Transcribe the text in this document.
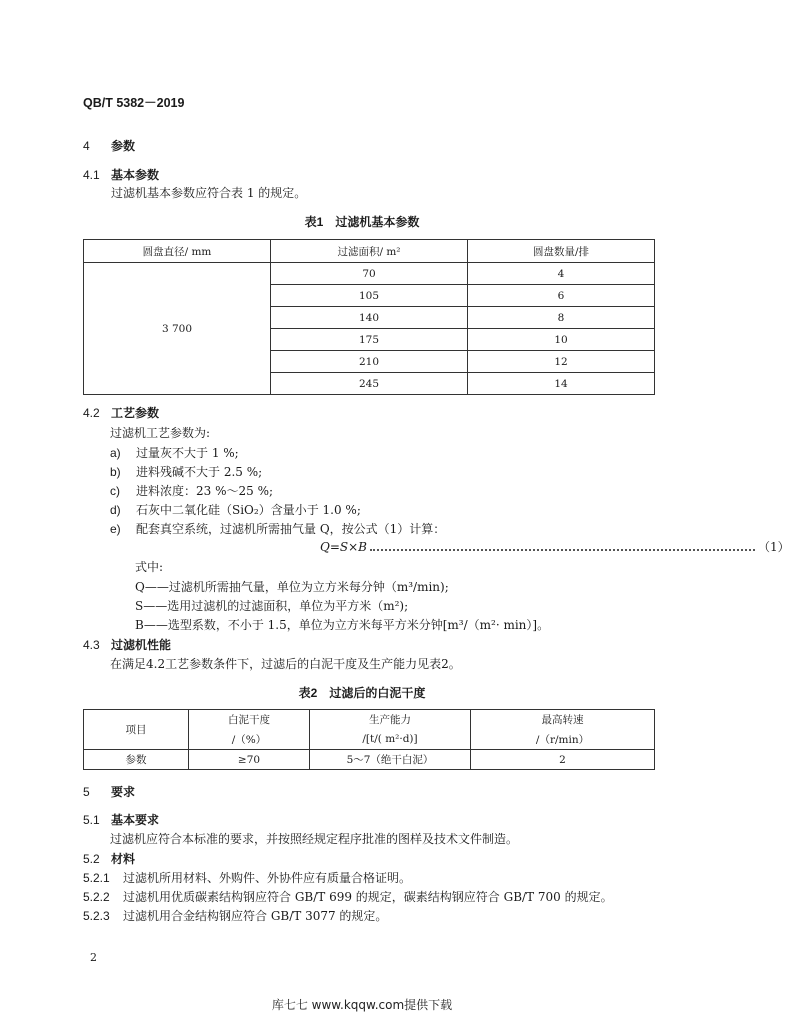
QB/T 5382－2019
4 参数
4.1 基本参数
过滤机基本参数应符合表 1 的规定。
表1　过滤机基本参数
圆盘直径/ mm	过滤面积/ m²	圆盘数量/排
3 700	70	4
	105	6
	140	8
	175	10
	210	12
	245	14
4.2 工艺参数
过滤机工艺参数为:
a) 过量灰不大于 1 %;
b) 进料残碱不大于 2.5 %;
c) 进料浓度：23 %～25 %;
d) 石灰中二氧化硅（SiO₂）含量小于 1.0 %;
e) 配套真空系统，过滤机所需抽气量 Q，按公式（1）计算：
Q=S×B	（1）
式中:
Q——过滤机所需抽气量，单位为立方米每分钟（m³/min);
S——选用过滤机的过滤面积，单位为平方米（m²);
B——选型系数，不小于 1.5，单位为立方米每平方米分钟[m³/（m²· min）]。
4.3 过滤机性能
在满足4.2工艺参数条件下，过滤后的白泥干度及生产能力见表2。
表2　过滤后的白泥干度
项目	白泥干度	生产能力	最高转速
	/（%）	/[t/( m²·d)]	/（r/min）
参数	≥70	5～7（绝干白泥）	2
5 要求
5.1 基本要求
过滤机应符合本标准的要求，并按照经规定程序批准的图样及技术文件制造。
5.2 材料
5.2.1 过滤机所用材料、外购件、外协件应有质量合格证明。
5.2.2 过滤机用优质碳素结构钢应符合 GB/T 699 的规定，碳素结构钢应符合 GB/T 700 的规定。
5.2.3 过滤机用合金结构钢应符合 GB/T 3077 的规定。
2
库七七 www.kqqw.com提供下载
